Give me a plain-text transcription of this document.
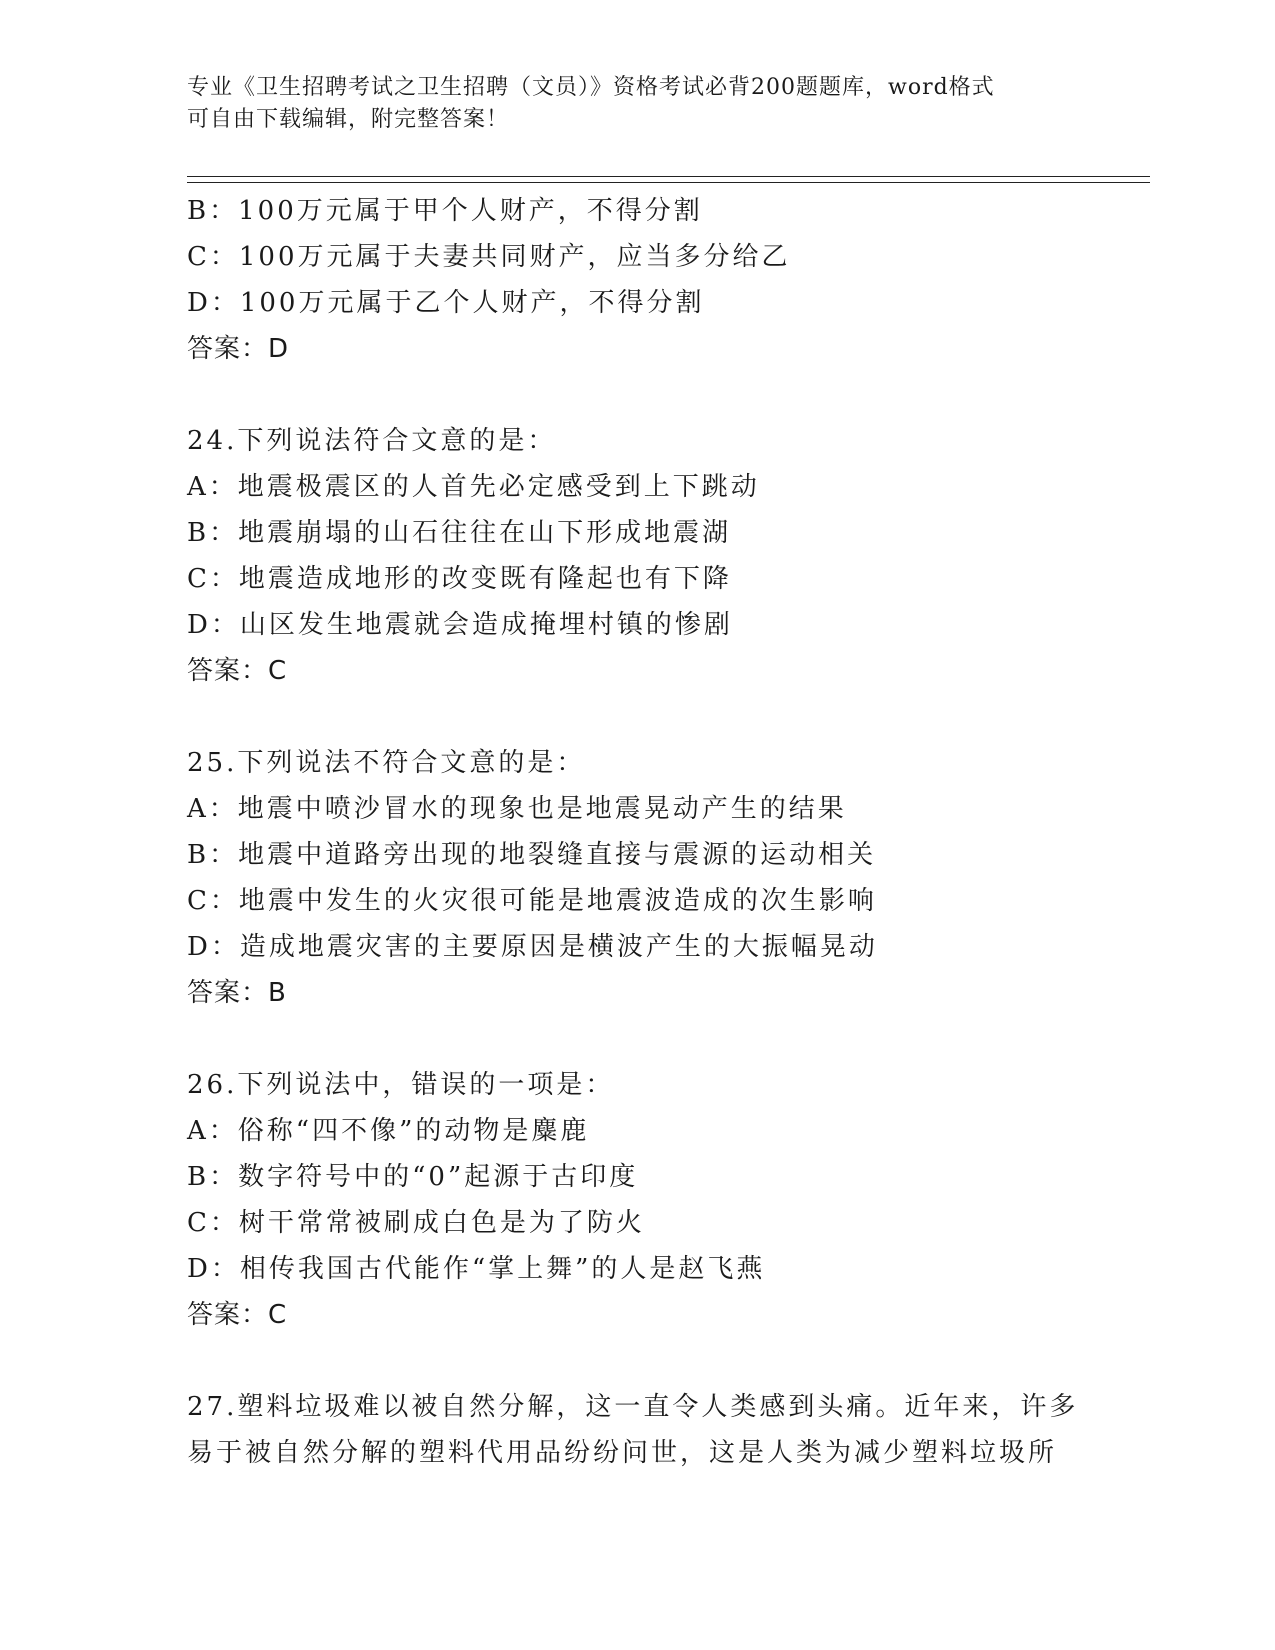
专业《卫生招聘考试之卫生招聘（文员）》资格考试必背200题题库，word格式
可自由下载编辑，附完整答案！
B：100万元属于甲个人财产，不得分割
C：100万元属于夫妻共同财产，应当多分给乙
D：100万元属于乙个人财产，不得分割
答案：D
24.下列说法符合文意的是：
A：地震极震区的人首先必定感受到上下跳动
B：地震崩塌的山石往往在山下形成地震湖
C：地震造成地形的改变既有隆起也有下降
D：山区发生地震就会造成掩埋村镇的惨剧
答案：C
25.下列说法不符合文意的是：
A：地震中喷沙冒水的现象也是地震晃动产生的结果
B：地震中道路旁出现的地裂缝直接与震源的运动相关
C：地震中发生的火灾很可能是地震波造成的次生影响
D：造成地震灾害的主要原因是横波产生的大振幅晃动
答案：B
26.下列说法中，错误的一项是：
A：俗称“四不像”的动物是麋鹿
B：数字符号中的“0”起源于古印度
C：树干常常被刷成白色是为了防火
D：相传我国古代能作“掌上舞”的人是赵飞燕
答案：C
27.塑料垃圾难以被自然分解，这一直令人类感到头痛。近年来，许多
易于被自然分解的塑料代用品纷纷问世，这是人类为减少塑料垃圾所
